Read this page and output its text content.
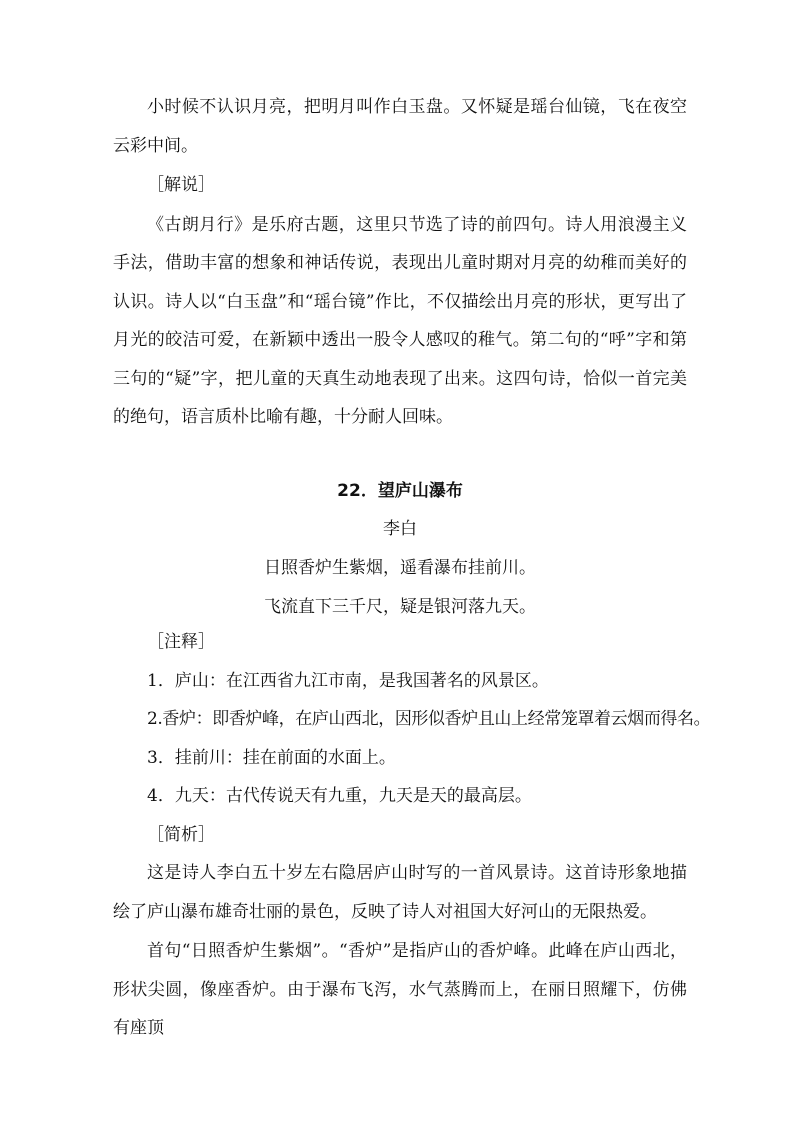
小时候不认识月亮，把明月叫作白玉盘。又怀疑是瑶台仙镜，飞在夜空云彩中间。

［解说］

《古朗月行》是乐府古题，这里只节选了诗的前四句。诗人用浪漫主义手法，借助丰富的想象和神话传说，表现出儿童时期对月亮的幼稚而美好的认识。诗人以“白玉盘”和“瑶台镜”作比，不仅描绘出月亮的形状，更写出了月光的皎洁可爱，在新颖中透出一股令人感叹的稚气。第二句的“呼”字和第三句的“疑”字，把儿童的天真生动地表现了出来。这四句诗，恰似一首完美的绝句，语言质朴比喻有趣，十分耐人回味。

22．望庐山瀑布

李白

日照香炉生紫烟，遥看瀑布挂前川。

飞流直下三千尺，疑是银河落九天。

［注释］

1．庐山：在江西省九江市南，是我国著名的风景区。

2.香炉：即香炉峰，在庐山西北，因形似香炉且山上经常笼罩着云烟而得名。

3．挂前川：挂在前面的水面上。

4．九天：古代传说天有九重，九天是天的最高层。

［简析］

这是诗人李白五十岁左右隐居庐山时写的一首风景诗。这首诗形象地描绘了庐山瀑布雄奇壮丽的景色，反映了诗人对祖国大好河山的无限热爱。

首句“日照香炉生紫烟”。“香炉”是指庐山的香炉峰。此峰在庐山西北，形状尖圆，像座香炉。由于瀑布飞泻，水气蒸腾而上，在丽日照耀下，仿佛有座顶
